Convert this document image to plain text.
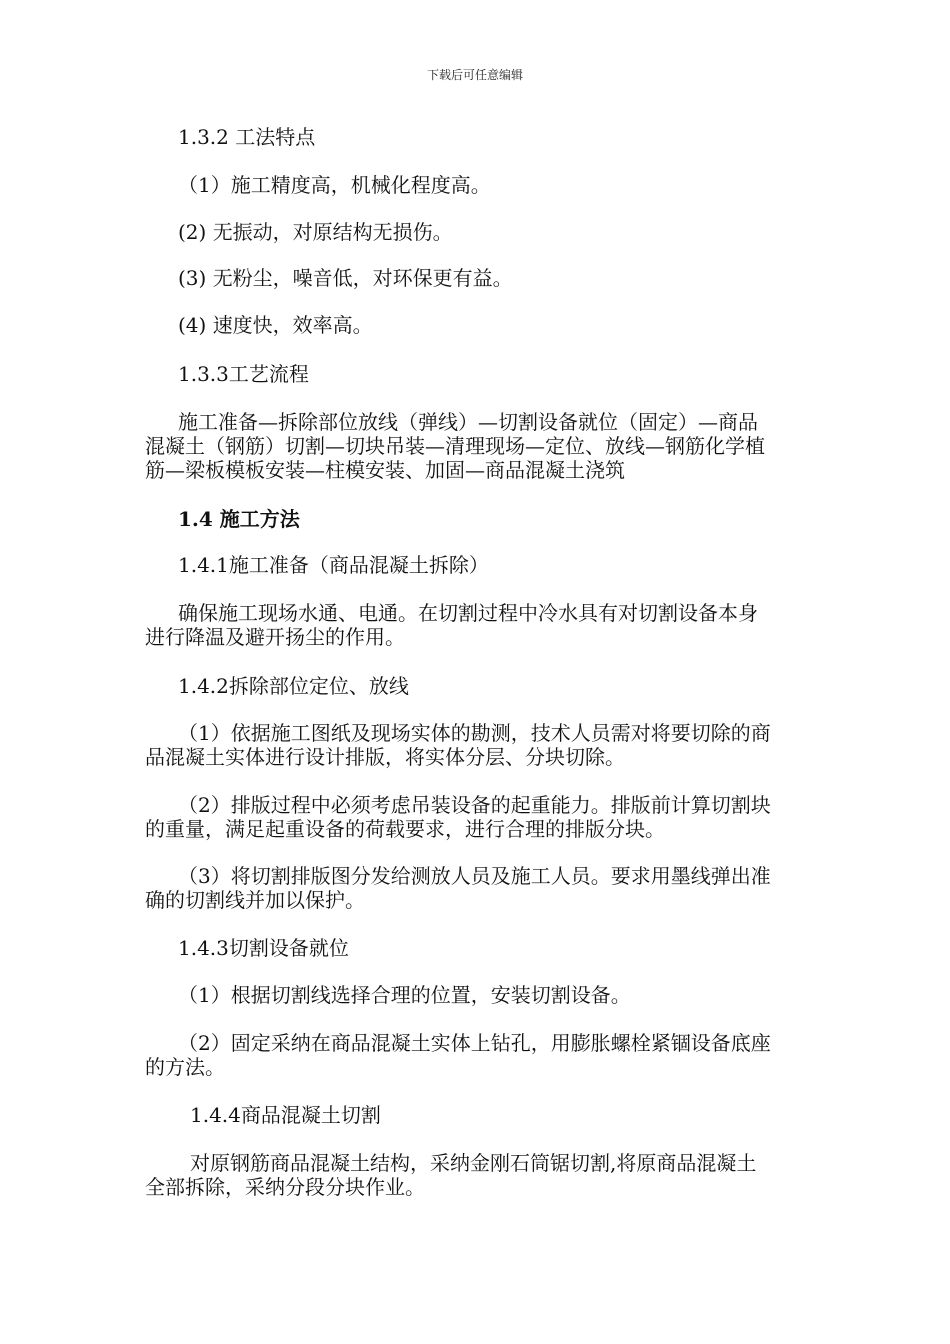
下载后可任意编辑
1.3.2 工法特点
（1）施工精度高，机械化程度高。
(2) 无振动，对原结构无损伤。
(3) 无粉尘，噪音低，对环保更有益。
(4) 速度快，效率高。
1.3.3工艺流程
施工准备—拆除部位放线（弹线）—切割设备就位（固定）—商品
混凝土（钢筋）切割—切块吊装—清理现场—定位、放线—钢筋化学植
筋—梁板模板安装—柱模安装、加固—商品混凝土浇筑
1.4 施工方法
1.4.1施工准备（商品混凝土拆除）
确保施工现场水通、电通。在切割过程中冷水具有对切割设备本身
进行降温及避开扬尘的作用。
1.4.2拆除部位定位、放线
（1）依据施工图纸及现场实体的勘测，技术人员需对将要切除的商
品混凝土实体进行设计排版，将实体分层、分块切除。
（2）排版过程中必须考虑吊装设备的起重能力。排版前计算切割块
的重量，满足起重设备的荷载要求，进行合理的排版分块。
（3）将切割排版图分发给测放人员及施工人员。要求用墨线弹出准
确的切割线并加以保护。
1.4.3切割设备就位
（1）根据切割线选择合理的位置，安装切割设备。
（2）固定采纳在商品混凝土实体上钻孔，用膨胀螺栓紧锢设备底座
的方法。
1.4.4商品混凝土切割
对原钢筋商品混凝土结构，采纳金刚石筒锯切割,将原商品混凝土
全部拆除，采纳分段分块作业。
